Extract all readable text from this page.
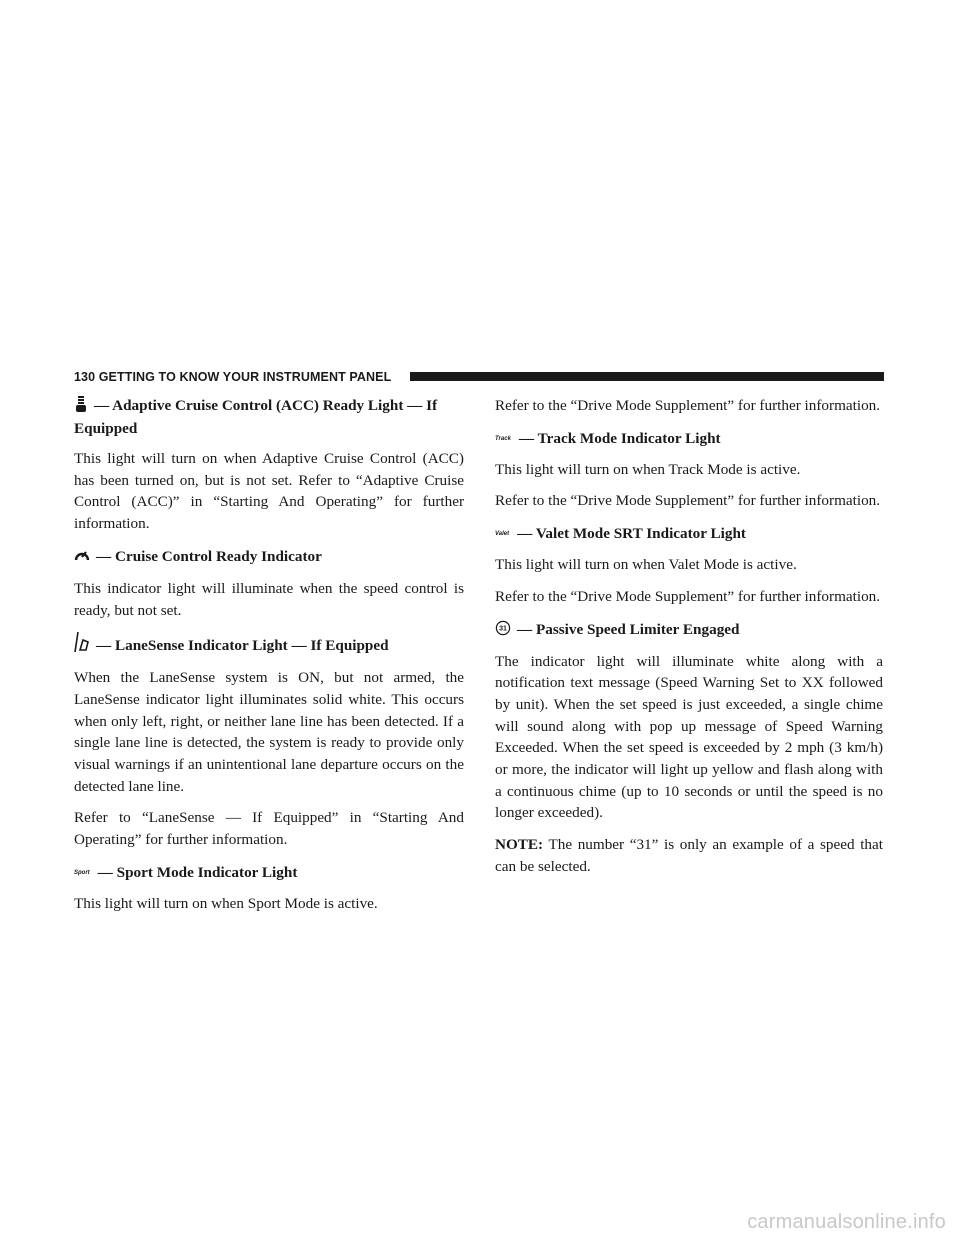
130 GETTING TO KNOW YOUR INSTRUMENT PANEL
— Adaptive Cruise Control (ACC) Ready Light — If Equipped
This light will turn on when Adaptive Cruise Control (ACC) has been turned on, but is not set. Refer to “Adaptive Cruise Control (ACC)” in “Starting And Operating” for further information.
— Cruise Control Ready Indicator
This indicator light will illuminate when the speed control is ready, but not set.
— LaneSense Indicator Light — If Equipped
When the LaneSense system is ON, but not armed, the LaneSense indicator light illuminates solid white. This occurs when only left, right, or neither lane line has been detected. If a single lane line is detected, the system is ready to provide only visual warnings if an unintentional lane departure occurs on the detected lane line.
Refer to “LaneSense — If Equipped” in “Starting And Operating” for further information.
Sport — Sport Mode Indicator Light
This light will turn on when Sport Mode is active.
Refer to the “Drive Mode Supplement” for further information.
Track — Track Mode Indicator Light
This light will turn on when Track Mode is active.
Refer to the “Drive Mode Supplement” for further information.
Valet — Valet Mode SRT Indicator Light
This light will turn on when Valet Mode is active.
Refer to the “Drive Mode Supplement” for further information.
31 — Passive Speed Limiter Engaged
The indicator light will illuminate white along with a notification text message (Speed Warning Set to XX followed by unit). When the set speed is just exceeded, a single chime will sound along with pop up message of Speed Warning Exceeded. When the set speed is exceeded by 2 mph (3 km/h) or more, the indicator will light up yellow and flash along with a continuous chime (up to 10 seconds or until the speed is no longer exceeded).
NOTE: The number “31” is only an example of a speed that can be selected.
carmanualsonline.info
